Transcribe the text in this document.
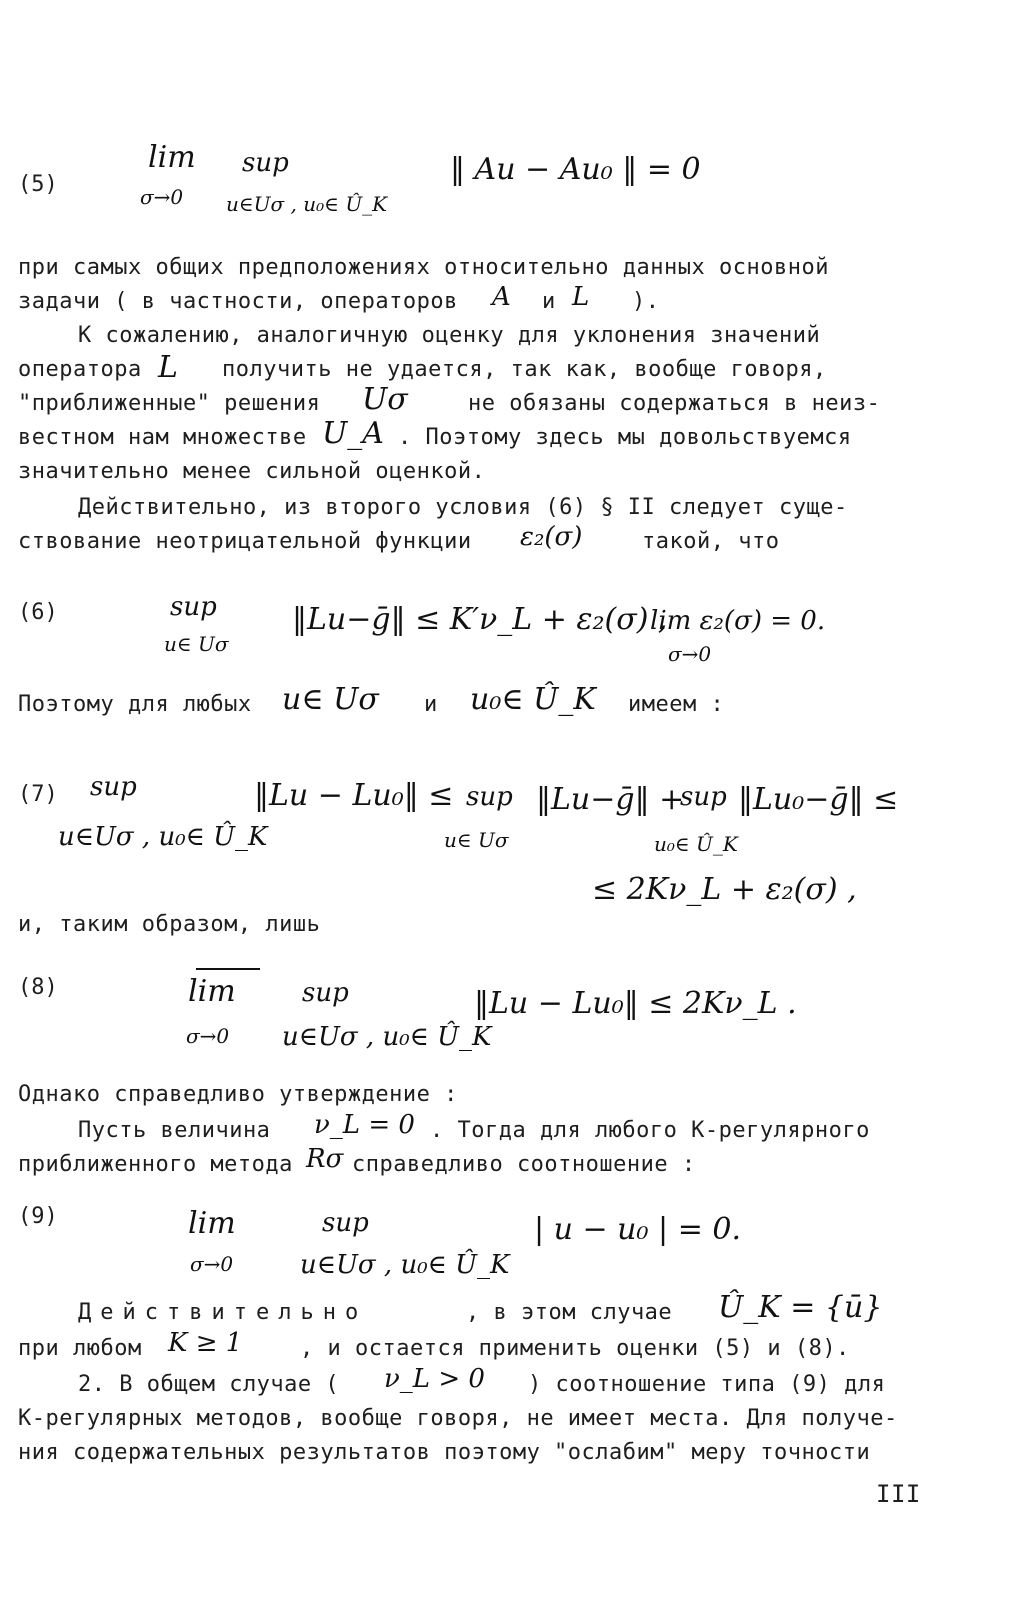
(5)
lim
σ→0
sup
u∈Uσ , u₀∈ Û_K
‖ Au − Au₀ ‖ = 0
при самых общих предположениях относительно данных основной
задачи ( в частности, операторов A и L ).
К сожалению, аналогичную оценку для уклонения значений
оператора L получить не удается, так как, вообще говоря,
"приближенные" решения Uσ	не обязаны содержаться в неиз-
вестном нам множестве U_A . Поэтому здесь мы довольствуемся
значительно менее сильной оценкой.
Действительно, из второго условия (6) § II следует суще-
ствование неотрицательной функции ε₂(σ)	такой, что
(6)	sup
u∈ Uσ
‖Lu−ḡ‖ ≤ K′ν_L + ε₂(σ) ,
lim ε₂(σ) = 0.
σ→0
Поэтому для любых u∈ Uσ и u₀∈ Û_K имеем :
(7) sup
u∈Uσ , u₀∈ Û_K
‖Lu − Lu₀‖ ≤ sup
u∈ Uσ
‖Lu−ḡ‖ +
sup
u₀∈ Û_K
‖Lu₀−ḡ‖ ≤
≤ 2Kν_L + ε₂(σ) ,
и, таким образом, лишь
(8)	lim
σ→0
sup
u∈Uσ , u₀∈ Û_K
‖Lu − Lu₀‖ ≤ 2Kν_L .
Однако справедливо утверждение :
Пусть величина ν_L = 0 . Тогда для любого К-регулярного
приближенного метода Rσ справедливо соотношение :
(9)	lim
σ→0
sup
u∈Uσ , u₀∈ Û_K
| u − u₀ | = 0.
Действительно	, в этом случае Û_K = {ū}
при любом K ≥ 1	, и остается применить оценки (5) и (8).
2. В общем случае ( ν_L > 0 ) соотношение типа (9) для
К-регулярных методов, вообще говоря, не имеет места. Для получе-
ния содержательных результатов поэтому "ослабим" меру точности
III
